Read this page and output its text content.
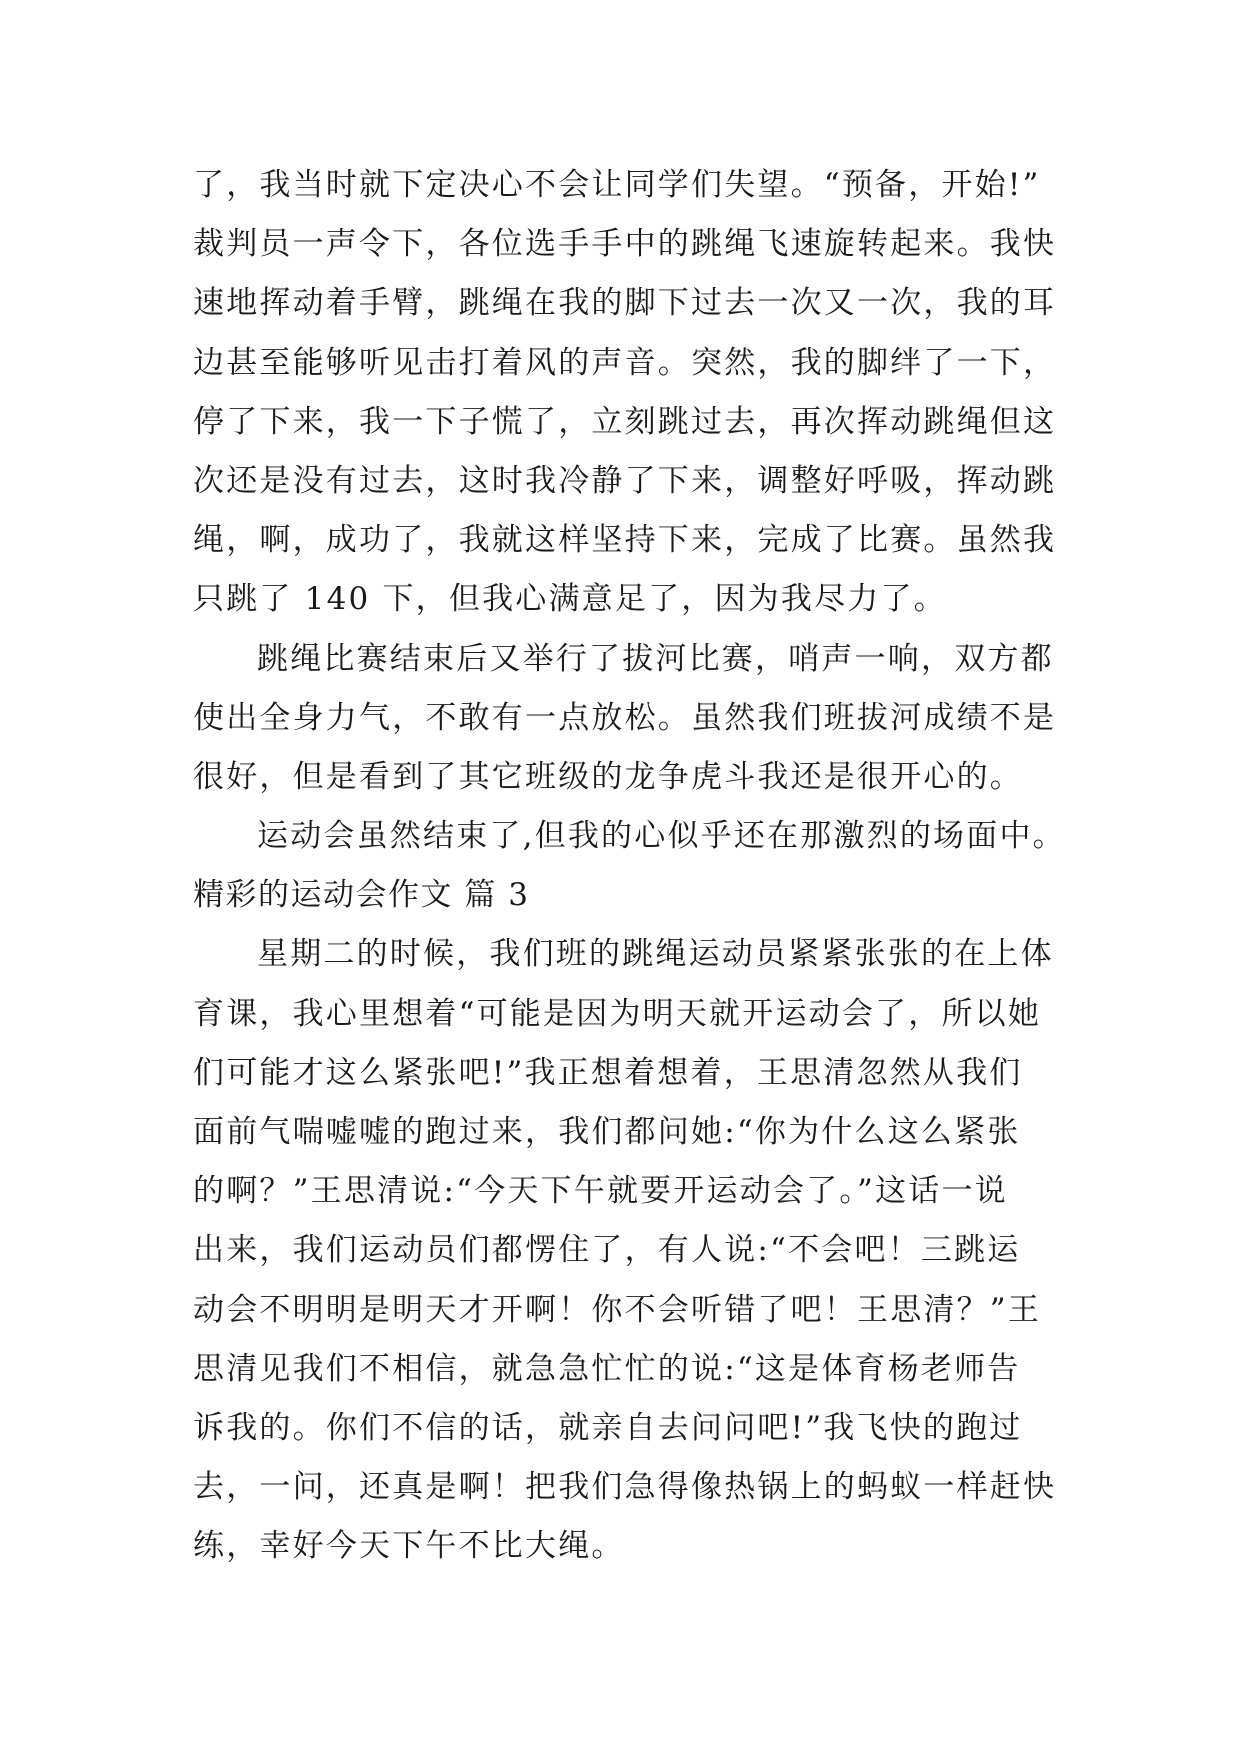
了，我当时就下定决心不会让同学们失望。“预备，开始!”
裁判员一声令下，各位选手手中的跳绳飞速旋转起来。我快
速地挥动着手臂，跳绳在我的脚下过去一次又一次，我的耳
边甚至能够听见击打着风的声音。突然，我的脚绊了一下，
停了下来，我一下子慌了，立刻跳过去，再次挥动跳绳但这
次还是没有过去，这时我冷静了下来，调整好呼吸，挥动跳
绳，啊，成功了，我就这样坚持下来，完成了比赛。虽然我
只跳了 140 下，但我心满意足了，因为我尽力了。
跳绳比赛结束后又举行了拔河比赛，哨声一响，双方都
使出全身力气，不敢有一点放松。虽然我们班拔河成绩不是
很好，但是看到了其它班级的龙争虎斗我还是很开心的。
运动会虽然结束了,但我的心似乎还在那激烈的场面中。
精彩的运动会作文 篇 3
星期二的时候，我们班的跳绳运动员紧紧张张的在上体
育课，我心里想着“可能是因为明天就开运动会了，所以她
们可能才这么紧张吧!”我正想着想着，王思清忽然从我们
面前气喘嘘嘘的跑过来，我们都问她:“你为什么这么紧张
的啊？”王思清说:“今天下午就要开运动会了。”这话一说
出来，我们运动员们都愣住了，有人说:“不会吧！三跳运
动会不明明是明天才开啊！你不会听错了吧！王思清？”王
思清见我们不相信，就急急忙忙的说:“这是体育杨老师告
诉我的。你们不信的话，就亲自去问问吧!”我飞快的跑过
去，一问，还真是啊！把我们急得像热锅上的蚂蚁一样赶快
练，幸好今天下午不比大绳。
